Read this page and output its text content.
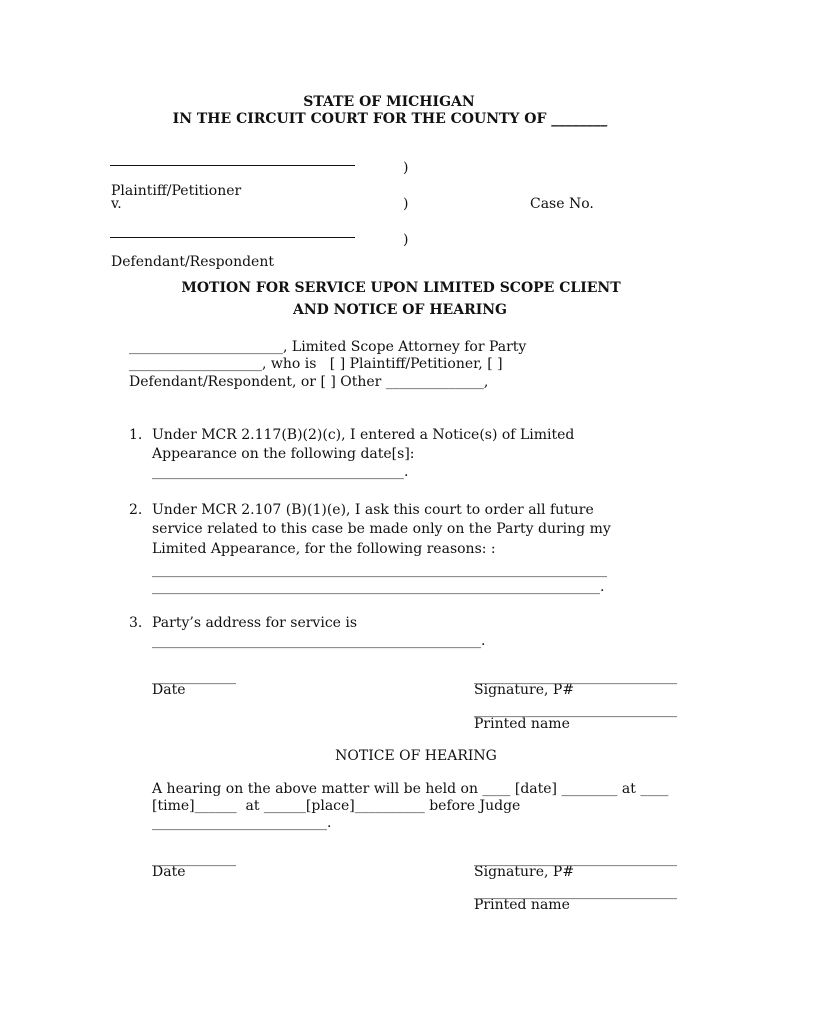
STATE OF MICHIGAN
IN THE CIRCUIT COURT FOR THE COUNTY OF ________
)
Plaintiff/Petitioner
v.	)	Case No.
)
Defendant/Respondent
MOTION FOR SERVICE UPON LIMITED SCOPE CLIENT
AND NOTICE OF HEARING
______________________, Limited Scope Attorney for Party
___________________, who is   [ ] Plaintiff/Petitioner, [ ]
Defendant/Respondent, or [ ] Other ______________,
1. Under MCR 2.117(B)(2)(c), I entered a Notice(s) of Limited
Appearance on the following date[s]:
____________________________________.
2. Under MCR 2.107 (B)(1)(e), I ask this court to order all future
service related to this case be made only on the Party during my
Limited Appearance, for the following reasons: :
_________________________________________________________________
________________________________________________________________.
3. Party’s address for service is
_______________________________________________.
____________
Date
_____________________________
Signature, P#
_____________________________
Printed name
NOTICE OF HEARING
A hearing on the above matter will be held on ____ [date] ________ at ____
[time]______  at ______[place]__________ before Judge
_________________________.
____________
Date
_____________________________
Signature, P#
_____________________________
Printed name
